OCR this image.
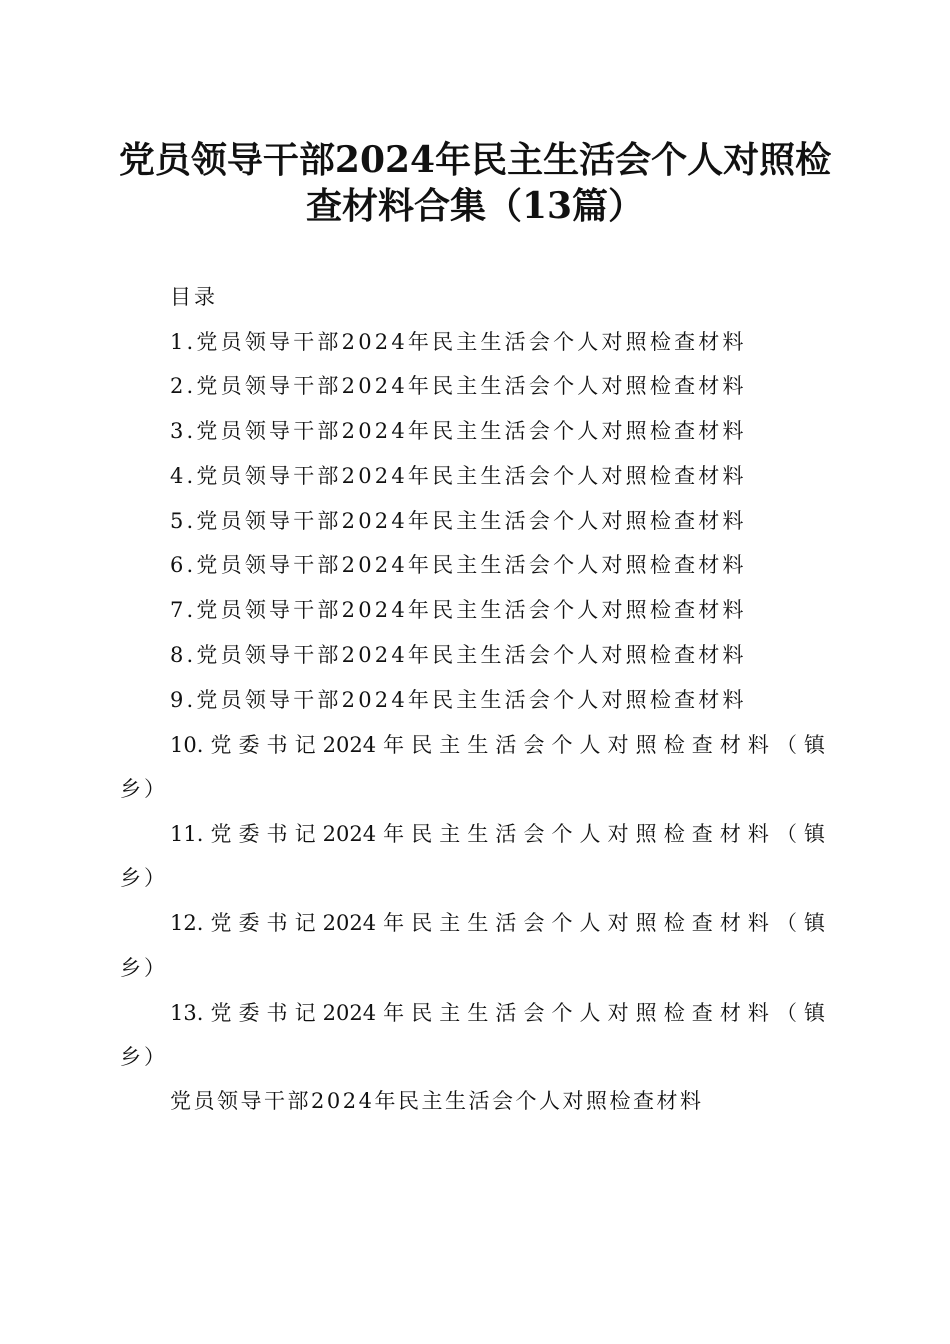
党员领导干部2024年民主生活会个人对照检
查材料合集（13篇）
目录
1.党员领导干部2024年民主生活会个人对照检查材料
2.党员领导干部2024年民主生活会个人对照检查材料
3.党员领导干部2024年民主生活会个人对照检查材料
4.党员领导干部2024年民主生活会个人对照检查材料
5.党员领导干部2024年民主生活会个人对照检查材料
6.党员领导干部2024年民主生活会个人对照检查材料
7.党员领导干部2024年民主生活会个人对照检查材料
8.党员领导干部2024年民主生活会个人对照检查材料
9.党员领导干部2024年民主生活会个人对照检查材料
10.党委书记2024年民主生活会个人对照检查材料（镇
乡）
11.党委书记2024年民主生活会个人对照检查材料（镇
乡）
12.党委书记2024年民主生活会个人对照检查材料（镇
乡）
13.党委书记2024年民主生活会个人对照检查材料（镇
乡）
党员领导干部2024年民主生活会个人对照检查材料
